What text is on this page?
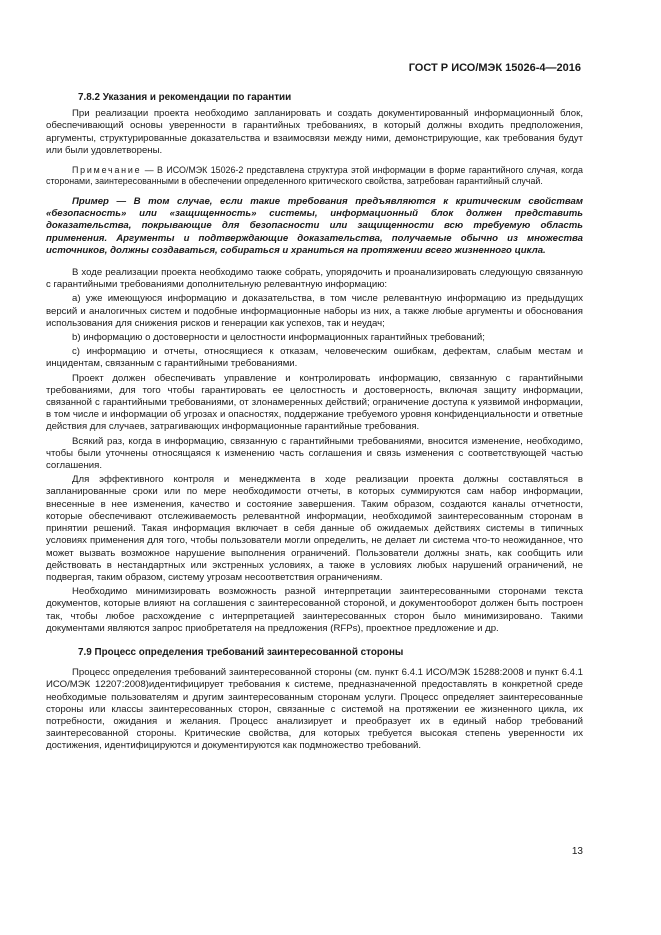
ГОСТ Р ИСО/МЭК 15026-4—2016
7.8.2 Указания и рекомендации по гарантии

При реализации проекта необходимо запланировать и создать документированный информационный блок, обеспечивающий основы уверенности в гарантийных требованиях, в который должны входить предположения, аргументы, структурированные доказательства и взаимосвязи между ними, демонстрирующие, как требования будут или были удовлетворены.

Примечание — В ИСО/МЭК 15026-2 представлена структура этой информации в форме гарантийного случая, когда сторонами, заинтересованными в обеспечении определенного критического свойства, затребован гарантийный случай.

Пример — В том случае, если такие требования предъявляются к критическим свойствам «безопасность» или «защищенность» системы, информационный блок должен представить доказательства, покрывающие для безопасности или защищенности всю требуемую область применения. Аргументы и подтверждающие доказательства, получаемые обычно из множества источников, должны создаваться, собираться и храниться на протяжении всего жизненного цикла.

В ходе реализации проекта необходимо также собрать, упорядочить и проанализировать следующую связанную с гарантийными требованиями дополнительную релевантную информацию:

a) уже имеющуюся информацию и доказательства, в том числе релевантную информацию из предыдущих версий и аналогичных систем и подобные информационные наборы из них, а также любые аргументы и обоснования использования для снижения рисков и генерации как успехов, так и неудач;

b) информацию о достоверности и целостности информационных гарантийных требований;

c) информацию и отчеты, относящиеся к отказам, человеческим ошибкам, дефектам, слабым местам и инцидентам, связанным с гарантийными требованиями.

Проект должен обеспечивать управление и контролировать информацию, связанную с гарантийными требованиями, для того чтобы гарантировать ее целостность и достоверность, включая защиту информации, связанной с гарантийными требованиями, от злонамеренных действий; ограничение доступа к уязвимой информации, в том числе и информации об угрозах и опасностях, поддержание требуемого уровня конфиденциальности и ответные действия для случаев, затрагивающих информационные гарантийные требования.

Всякий раз, когда в информацию, связанную с гарантийными требованиями, вносится изменение, необходимо, чтобы были уточнены относящаяся к изменению часть соглашения и связь изменения с соответствующей частью соглашения.

Для эффективного контроля и менеджмента в ходе реализации проекта должны составляться в запланированные сроки или по мере необходимости отчеты, в которых суммируются сам набор информации, внесенные в нее изменения, качество и состояние завершения. Таким образом, создаются каналы отчетности, которые обеспечивают отслеживаемость релевантной информации, необходимой заинтересованным сторонам в принятии решений. Такая информация включает в себя данные об ожидаемых действиях системы в типичных условиях применения для того, чтобы пользователи могли определить, не делает ли система что-то неожиданное, что может вызвать возможное нарушение выполнения ограничений. Пользователи должны знать, как сообщить или действовать в нестандартных или экстренных условиях, а также в условиях любых нарушений ограничений, не подвергая, таким образом, систему угрозам несоответствия ограничениям.

Необходимо минимизировать возможность разной интерпретации заинтересованными сторонами текста документов, которые влияют на соглашения с заинтересованной стороной, и документооборот должен быть построен так, чтобы любое расхождение с интерпретацией заинтересованных сторон было минимизировано. Такими документами являются запрос приобретателя на предложения (RFPs), проектное предложение и др.

7.9 Процесс определения требований заинтересованной стороны

Процесс определения требований заинтересованной стороны (см. пункт 6.4.1 ИСО/МЭК 15288:2008 и пункт 6.4.1 ИСО/МЭК 12207:2008)идентифицирует требования к системе, предназначенной предоставлять в конкретной среде необходимые пользователям и другим заинтересованным сторонам услуги. Процесс определяет заинтересованные стороны или классы заинтересованных сторон, связанные с системой на протяжении ее жизненного цикла, их потребности, ожидания и желания. Процесс анализирует и преобразует их в единый набор требований заинтересованной стороны. Критические свойства, для которых требуется высокая степень уверенности их достижения, идентифицируются и документируются как подмножество требований.

13
